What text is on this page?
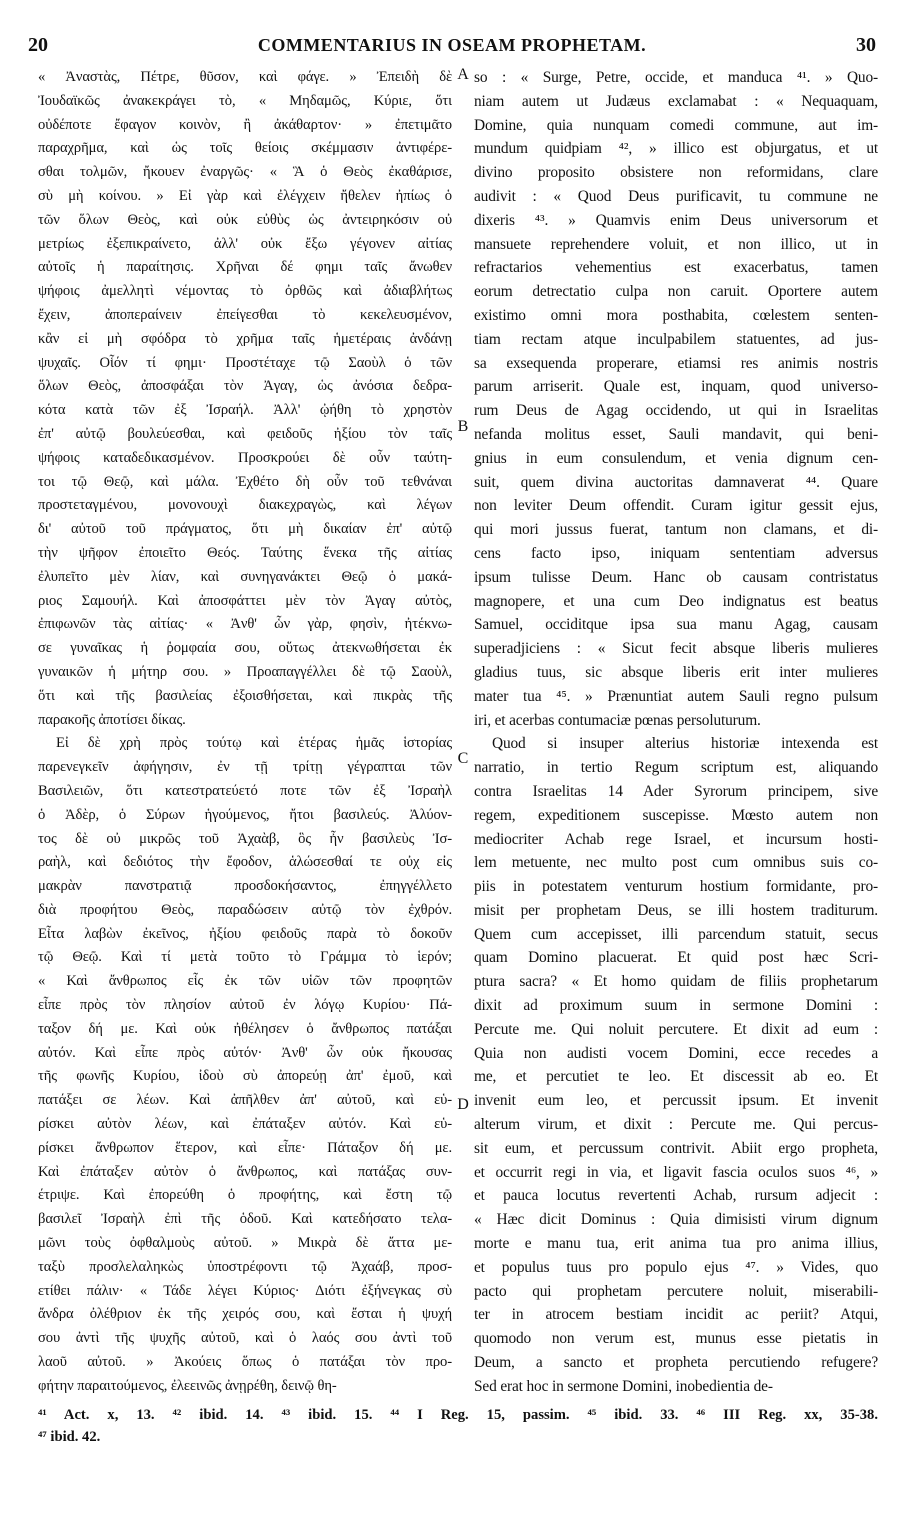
20	COMMENTARIUS IN OSEAM PROPHETAM.	30
« Ἀναστὰς, Πέτρε, θῦσον, καὶ φάγε. » Ἐπειδὴ δὲ
Ἰουδαϊκῶς ἀνακεκράγει τὸ, « Μηδαμῶς, Κύριε, ὅτι
οὐδέποτε ἔφαγον κοινὸν, ἢ ἀκάθαρτον· » ἐπετιμᾶτο
παραχρῆμα, καὶ ὡς τοῖς θείοις σκέμμασιν ἀντιφέρε-
σθαι τολμῶν, ἤκουεν ἐναργῶς· « Ἃ ὁ Θεὸς ἐκαθάρισε,
σὺ μὴ κοίνου. » Εἰ γὰρ καὶ ἐλέγχειν ἤθελεν ἠπίως ὁ
τῶν ὅλων Θεὸς, καὶ οὐκ εὐθὺς ὡς ἀντειρηκόσιν οὐ
μετρίως ἐξεπικραίνετο, ἀλλ' οὐκ ἔξω γέγονεν αἰτίας
αὐτοῖς ἡ παραίτησις. Χρῆναι δέ φημι ταῖς ἄνωθεν
ψήφοις ἀμελλητὶ νέμοντας τὸ ὀρθῶς καὶ ἀδιαβλήτως
ἔχειν, ἀποπεραίνειν ἐπείγεσθαι τὸ κεκελευσμένον,
κἂν εἰ μὴ σφόδρα τὸ χρῆμα ταῖς ἡμετέραις ἀνδάνῃ
ψυχαῖς. Οἷόν τί φημι· Προστέταχε τῷ Σαοὺλ ὁ τῶν
ὅλων Θεὸς, ἀποσφάξαι τὸν Ἀγαγ, ὡς ἀνόσια δεδρα-
κότα κατὰ τῶν ἐξ Ἰσραήλ. Ἀλλ' ᾠήθη τὸ χρηστὸν
ἐπ' αὐτῷ βουλεύεσθαι, καὶ φειδοῦς ἠξίου τὸν ταῖς
ψήφοις καταδεδικασμένον. Προσκρούει δὲ οὖν ταύτη-
τοι τῷ Θεῷ, καὶ μάλα. Ἐχθέτο δὴ οὖν τοῦ τεθνάναι
προστεταγμένου, μονονουχὶ διακεχραγὼς, καὶ λέγων
δι' αὐτοῦ τοῦ πράγματος, ὅτι μὴ δικαίαν ἐπ' αὐτῷ
τὴν ψῆφον ἐποιεῖτο Θεός. Ταύτης ἕνεκα τῆς αἰτίας
ἐλυπεῖτο μὲν λίαν, καὶ συνηγανάκτει Θεῷ ὁ μακά-
ριος Σαμουήλ. Καὶ ἀποσφάττει μὲν τὸν Ἀγαγ αὐτὸς,
ἐπιφωνῶν τὰς αἰτίας· « Ἀνθ' ὧν γὰρ, φησὶν, ἠτέκνω-
σε γυναῖκας ἡ ῥομφαία σου, οὕτως ἀτεκνωθήσεται ἐκ
γυναικῶν ἡ μήτηρ σου. » Προαπαγγέλλει δὲ τῷ Σαοὺλ,
ὅτι καὶ τῆς βασιλείας ἐξοισθήσεται, καὶ πικρὰς τῆς
παρακοῆς ἀποτίσει δίκας.
Εἰ δὲ χρὴ πρὸς τούτῳ καὶ ἑτέρας ἡμᾶς ἱστορίας
παρενεγκεῖν ἀφήγησιν, ἐν τῇ τρίτῃ γέγραπται τῶν
Βασιλειῶν, ὅτι κατεστρατεύετό ποτε τῶν ἐξ Ἰσραὴλ
ὁ Ἀδὲρ, ὁ Σύρων ἡγούμενος, ἤτοι βασιλεύς. Ἀλύον-
τος δὲ οὐ μικρῶς τοῦ Ἀχαὰβ, ὃς ἦν βασιλεὺς Ἰσ-
ραὴλ, καὶ δεδιότος τὴν ἔφοδον, ἁλώσεσθαί τε οὐχ εἰς
μακρὰν πανστρατιᾷ προσδοκήσαντος, ἐπηγγέλλετο
διὰ προφήτου Θεὸς, παραδώσειν αὐτῷ τὸν ἐχθρόν.
Εἶτα λαβὼν ἐκεῖνος, ἠξίου φειδοῦς παρὰ τὸ δοκοῦν
τῷ Θεῷ. Καὶ τί μετὰ τοῦτο τὸ Γράμμα τὸ ἱερόν;
« Καὶ ἄνθρωπος εἷς ἐκ τῶν υἱῶν τῶν προφητῶν
εἶπε πρὸς τὸν πλησίον αὐτοῦ ἐν λόγῳ Κυρίου· Πά-
ταξον δή με. Καὶ οὐκ ἠθέλησεν ὁ ἄνθρωπος πατάξαι
αὐτόν. Καὶ εἶπε πρὸς αὐτόν· Ἀνθ' ὧν οὐκ ἤκουσας
τῆς φωνῆς Κυρίου, ἰδοὺ σὺ ἀπορεύῃ ἀπ' ἐμοῦ, καὶ
πατάξει σε λέων. Καὶ ἀπῆλθεν ἀπ' αὐτοῦ, καὶ εὑ-
ρίσκει αὐτὸν λέων, καὶ ἐπάταξεν αὐτόν. Καὶ εὑ-
ρίσκει ἄνθρωπον ἕτερον, καὶ εἶπε· Πάταξον δή με.
Καὶ ἐπάταξεν αὐτὸν ὁ ἄνθρωπος, καὶ πατάξας συν-
έτριψε. Καὶ ἐπορεύθη ὁ προφήτης, καὶ ἔστη τῷ
βασιλεῖ Ἰσραὴλ ἐπὶ τῆς ὁδοῦ. Καὶ κατεδήσατο τελα-
μῶνι τοὺς ὀφθαλμοὺς αὐτοῦ. » Μικρὰ δὲ ἄττα με-
ταξὺ προσλελαληκὼς ὑποστρέφοντι τῷ Ἀχαάβ, προσ-
ετίθει πάλιν· « Τάδε λέγει Κύριος· Διότι ἐξήνεγκας σὺ
ἄνδρα ὀλέθριον ἐκ τῆς χειρός σου, καὶ ἔσται ἡ ψυχή
σου ἀντὶ τῆς ψυχῆς αὐτοῦ, καὶ ὁ λαός σου ἀντὶ τοῦ
λαοῦ αὐτοῦ. » Ἀκούεις ὅπως ὁ πατάξαι τὸν προ-
φήτην παραιτούμενος, ἐλεεινῶς ἀνῃρέθη, δεινῷ θη-
so : « Surge, Petre, occide, et manduca ⁴¹. » Quo-
niam autem ut Judæus exclamabat : « Nequaquam,
Domine, quia nunquam comedi commune, aut im-
mundum quidpiam ⁴², » illico est objurgatus, et ut
divino proposito obsistere non reformidans, clare
audivit : « Quod Deus purificavit, tu commune ne
dixeris ⁴³. » Quamvis enim Deus universorum et
mansuete reprehendere voluit, et non illico, ut in
refractarios vehementius est exacerbatus, tamen
eorum detrectatio culpa non caruit. Oportere autem
existimo omni mora posthabita, cœlestem senten-
tiam rectam atque inculpabilem statuentes, ad jus-
sa exsequenda properare, etiamsi res animis nostris
parum arriserit. Quale est, inquam, quod universo-
rum Deus de Agag occidendo, ut qui in Israelitas
nefanda molitus esset, Sauli mandavit, qui beni-
gnius in eum consulendum, et venia dignum cen-
suit, quem divina auctoritas damnaverat ⁴⁴. Quare
non leviter Deum offendit. Curam igitur gessit ejus,
qui mori jussus fuerat, tantum non clamans, et di-
cens facto ipso, iniquam sententiam adversus
ipsum tulisse Deum. Hanc ob causam contristatus
magnopere, et una cum Deo indignatus est beatus
Samuel, occiditque ipsa sua manu Agag, causam
superadjiciens : « Sicut fecit absque liberis mulieres
gladius tuus, sic absque liberis erit inter mulieres
mater tua ⁴⁵. » Prænuntiat autem Sauli regno pulsum
iri, et acerbas contumaciæ pœnas persoluturum.
Quod si insuper alterius historiæ intexenda est
narratio, in tertio Regum scriptum est, aliquando
contra Israelitas 14 Ader Syrorum principem, sive
regem, expeditionem suscepisse. Mœsto autem non
mediocriter Achab rege Israel, et incursum hosti-
lem metuente, nec multo post cum omnibus suis co-
piis in potestatem venturum hostium formidante, pro-
misit per prophetam Deus, se illi hostem traditurum.
Quem cum accepisset, illi parcendum statuit, secus
quam Domino placuerat. Et quid post hæc Scri-
ptura sacra? « Et homo quidam de filiis prophetarum
dixit ad proximum suum in sermone Domini :
Percute me. Qui noluit percutere. Et dixit ad eum :
Quia non audisti vocem Domini, ecce recedes a
me, et percutiet te leo. Et discessit ab eo. Et
invenit eum leo, et percussit ipsum. Et invenit
alterum virum, et dixit : Percute me. Qui percus-
sit eum, et percussum contrivit. Abiit ergo propheta,
et occurrit regi in via, et ligavit fascia oculos suos ⁴⁶, »
et pauca locutus revertenti Achab, rursum adjecit :
« Hæc dicit Dominus : Quia dimisisti virum dignum
morte e manu tua, erit anima tua pro anima illius,
et populus tuus pro populo ejus ⁴⁷. » Vides, quo
pacto qui prophetam percutere noluit, miserabili-
ter in atrocem bestiam incidit ac periit? Atqui,
quomodo non verum est, munus esse pietatis in
Deum, a sancto et propheta percutiendo refugere?
Sed erat hoc in sermone Domini, inobedientia de-
A
B
C
D
⁴¹ Act. x, 13. ⁴² ibid. 14. ⁴³ ibid. 15. ⁴⁴ I Reg. 15, passim. ⁴⁵ ibid. 33. ⁴⁶ III Reg. xx, 35-38.
⁴⁷ ibid. 42.
